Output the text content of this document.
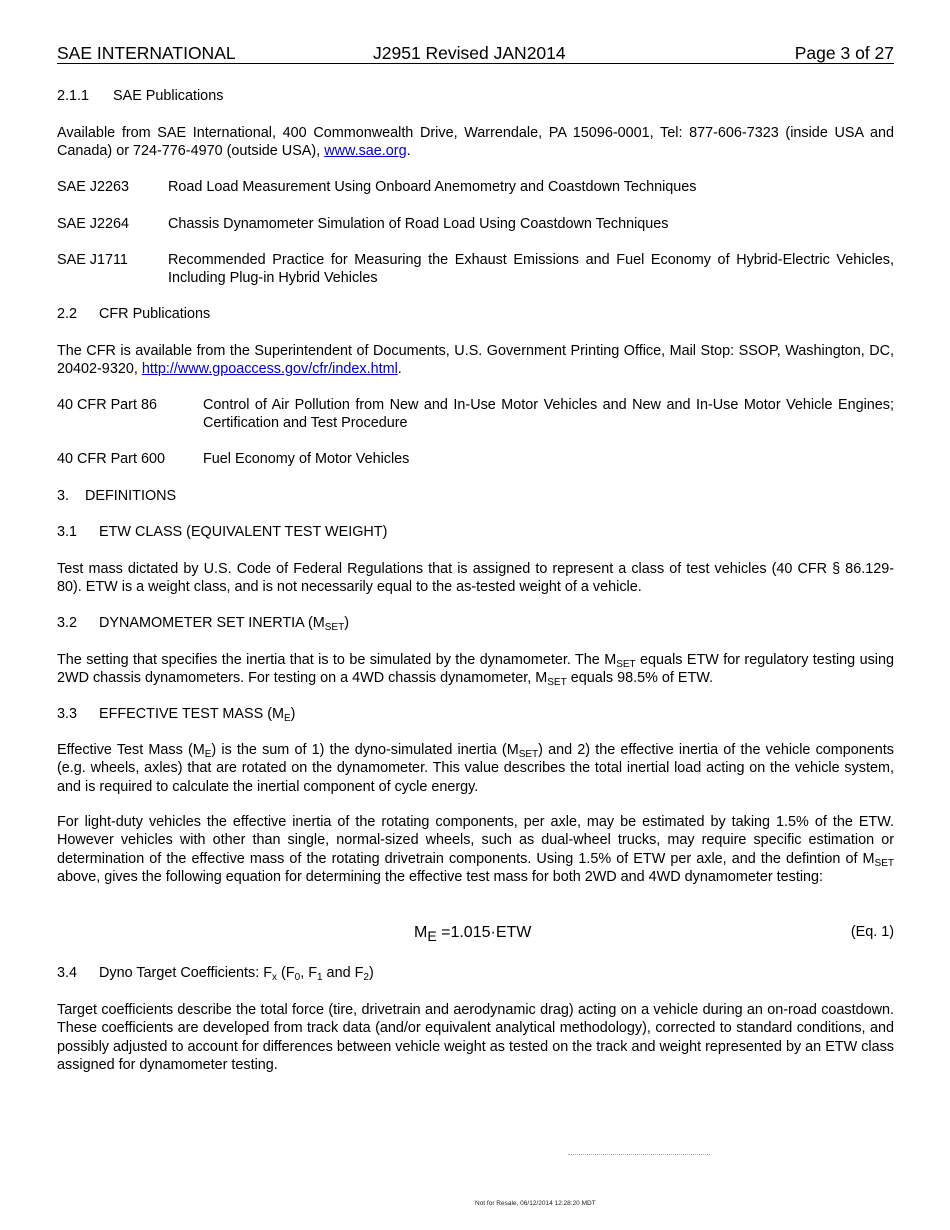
SAE INTERNATIONAL	J2951 Revised JAN2014	Page 3 of 27
2.1.1 SAE Publications
Available from SAE International, 400 Commonwealth Drive, Warrendale, PA 15096-0001, Tel: 877-606-7323 (inside USA and Canada) or 724-776-4970 (outside USA), www.sae.org.
SAE J2263	Road Load Measurement Using Onboard Anemometry and Coastdown Techniques
SAE J2264	Chassis Dynamometer Simulation of Road Load Using Coastdown Techniques
SAE J1711	Recommended Practice for Measuring the Exhaust Emissions and Fuel Economy of Hybrid-Electric Vehicles, Including Plug-in Hybrid Vehicles
2.2 CFR Publications
The CFR is available from the Superintendent of Documents, U.S. Government Printing Office, Mail Stop: SSOP, Washington, DC, 20402-9320, http://www.gpoaccess.gov/cfr/index.html.
40 CFR Part 86	Control of Air Pollution from New and In-Use Motor Vehicles and New and In-Use Motor Vehicle Engines; Certification and Test Procedure
40 CFR Part 600	Fuel Economy of Motor Vehicles
3. DEFINITIONS
3.1 ETW CLASS (EQUIVALENT TEST WEIGHT)
Test mass dictated by U.S. Code of Federal Regulations that is assigned to represent a class of test vehicles (40 CFR § 86.129-80). ETW is a weight class, and is not necessarily equal to the as-tested weight of a vehicle.
3.2 DYNAMOMETER SET INERTIA $(M_{SET})$
The setting that specifies the inertia that is to be simulated by the dynamometer. The $M_{SET}$ equals ETW for regulatory testing using 2WD chassis dynamometers. For testing on a 4WD chassis dynamometer, $M_{SET}$ equals 98.5% of ETW.
3.3 EFFECTIVE TEST MASS $(M_E)$
Effective Test Mass $(M_E)$ is the sum of 1) the dyno-simulated inertia $(M_{SET})$ and 2) the effective inertia of the vehicle components (e.g. wheels, axles) that are rotated on the dynamometer. This value describes the total inertial load acting on the vehicle system, and is required to calculate the inertial component of cycle energy.
For light-duty vehicles the effective inertia of the rotating components, per axle, may be estimated by taking 1.5% of the ETW. However vehicles with other than single, normal-sized wheels, such as dual-wheel trucks, may require specific estimation or determination of the effective mass of the rotating drivetrain components. Using 1.5% of ETW per axle, and the defintion of $M_{SET}$ above, gives the following equation for determining the effective test mass for both 2WD and 4WD dynamometer testing:
$M_E =1.015\cdot ETW$	(Eq. 1)
3.4 Dyno Target Coefficients: $F_x$ ($F_0$, $F_1$ and $F_2$)
Target coefficients describe the total force (tire, drivetrain and aerodynamic drag) acting on a vehicle during an on-road coastdown. These coefficients are developed from track data (and/or equivalent analytical methodology), corrected to standard conditions, and possibly adjusted to account for differences between vehicle weight as tested on the track and weight represented by an ETW class assigned for dynamometer testing.
Not for Resale, 06/12/2014 12:28:20 MDT
